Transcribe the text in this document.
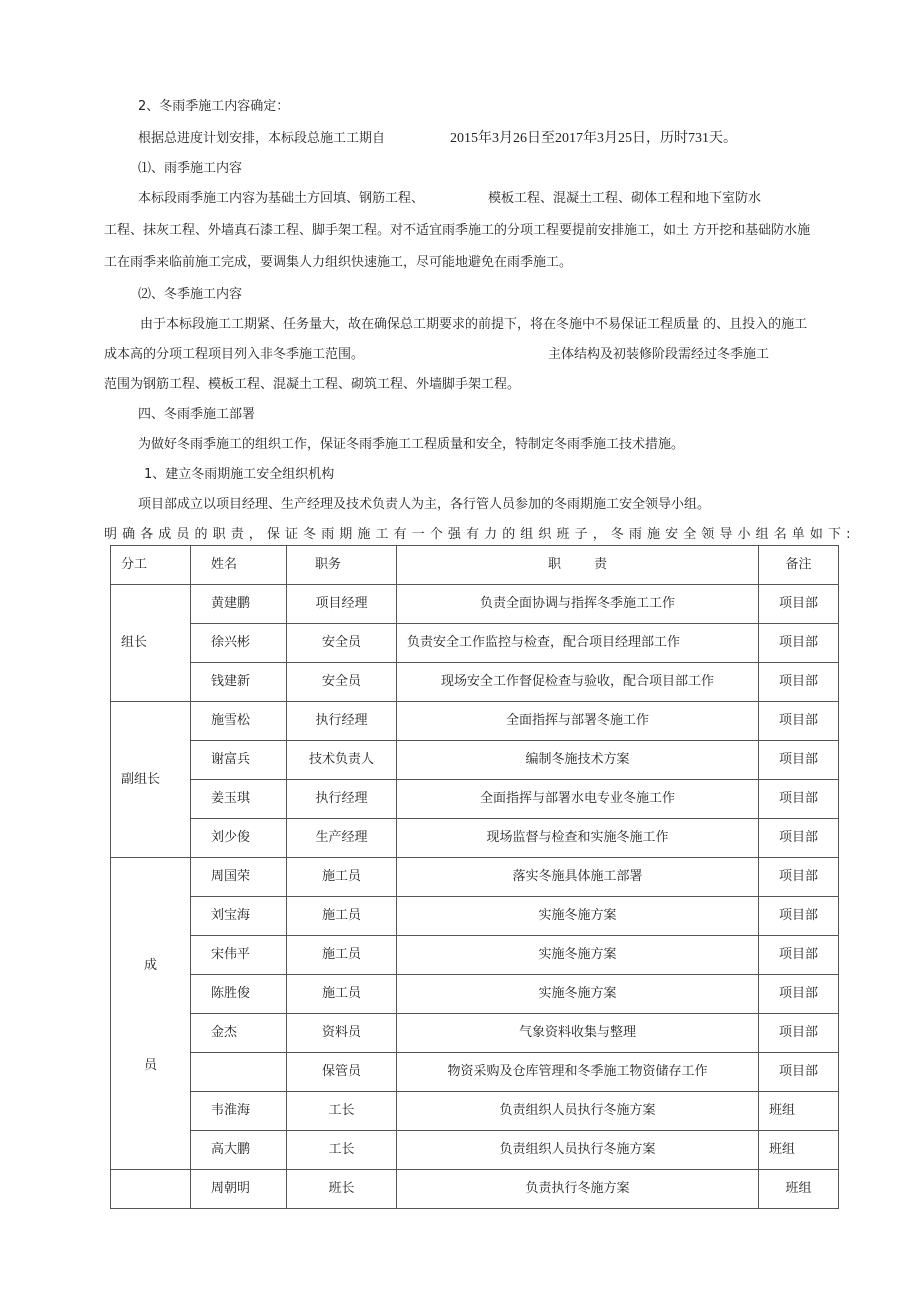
2、冬雨季施工内容确定：
根据总进度计划安排，本标段总施工工期自	2015年3月26日至2017年3月25日，历时731天。
⑴、雨季施工内容
本标段雨季施工内容为基础土方回填、钢筋工程、	模板工程、混凝土工程、砌体工程和地下室防水
工程、抹灰工程、外墙真石漆工程、脚手架工程。对不适宜雨季施工的分项工程要提前安排施工，如土 方开挖和基础防水施
工在雨季来临前施工完成，要调集人力组织快速施工，尽可能地避免在雨季施工。
⑵、冬季施工内容
由于本标段施工工期紧、任务量大，故在确保总工期要求的前提下，将在冬施中不易保证工程质量 的、且投入的施工
成本高的分项工程项目列入非冬季施工范围。	主体结构及初装修阶段需经过冬季施工
范围为钢筋工程、模板工程、混凝土工程、砌筑工程、外墙脚手架工程。
四、冬雨季施工部署
为做好冬雨季施工的组织工作，保证冬雨季施工工程质量和安全，特制定冬雨季施工技术措施。
1、建立冬雨期施工安全组织机构
项目部成立以项目经理、生产经理及技术负责人为主，各行管人员参加的冬雨期施工安全领导小组。
明确各成员的职责，保证冬雨期施工有一个强有力的组织班子，冬雨施安全领导小组名单如下:
分工	姓名	职务	职        责	备注
组长	黄建鹏	项目经理	负责全面协调与指挥冬季施工工作	项目部
	徐兴彬	安全员	负责安全工作监控与检查，配合项目经理部工作	项目部
	钱建新	安全员	现场安全工作督促检查与验收，配合项目部工作	项目部
副组长	施雪松	执行经理	全面指挥与部署冬施工作	项目部
	谢富兵	技术负责人	编制冬施技术方案	项目部
	姜玉琪	执行经理	全面指挥与部署水电专业冬施工作	项目部
	刘少俊	生产经理	现场监督与检查和实施冬施工作	项目部

成
员	周国荣	施工员	落实冬施具体施工部署	项目部
	刘宝海	施工员	实施冬施方案	项目部
	宋伟平	施工员	实施冬施方案	项目部
	陈胜俊	施工员	实施冬施方案	项目部
	金杰	资料员	气象资料收集与整理	项目部
		保管员	物资采购及仓库管理和冬季施工物资储存工作	项目部
	韦淮海	工长	负责组织人员执行冬施方案	班组
	高大鹏	工长	负责组织人员执行冬施方案	班组
	周朝明	班长	负责执行冬施方案	班组
